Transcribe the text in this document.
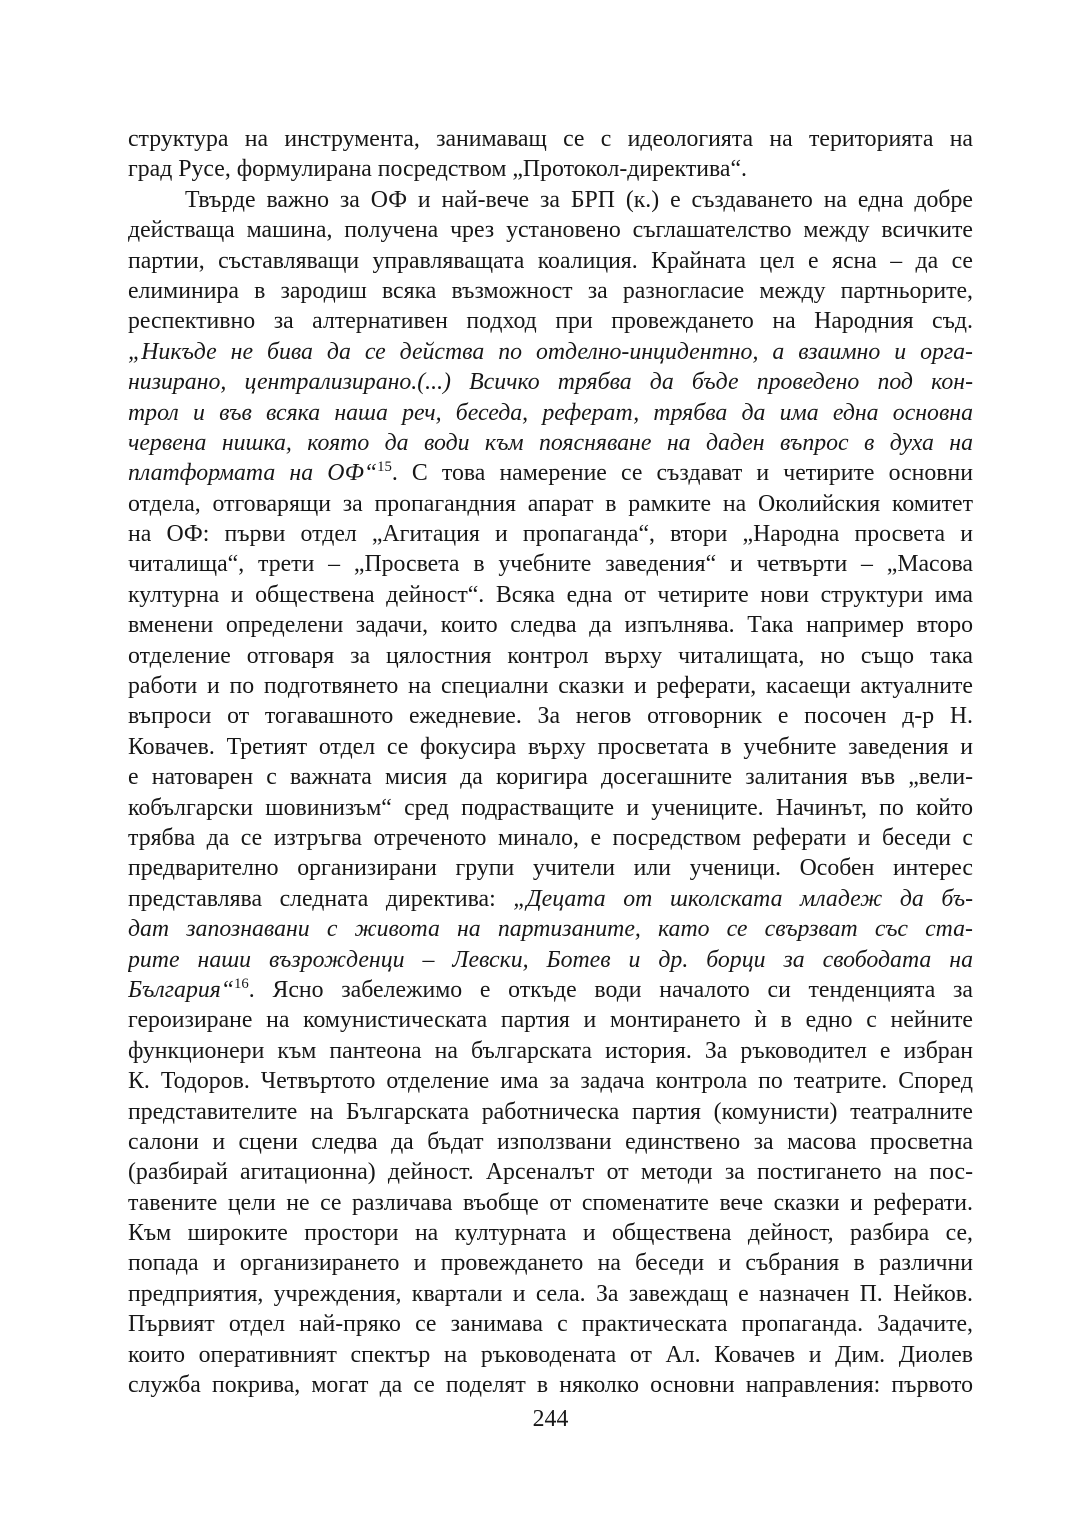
структура на инструмента, занимаващ се с идеологията на територията на
град Русе, формулирана посредством „Протокол-директива“.
Твърде важно за ОФ и най-вече за БРП (к.) е създаването на една добре
действаща машина, получена чрез установено съглашателство между всичките
партии, съставляващи управляващата коалиция. Крайната цел е ясна – да се
елиминира в зародиш всяка възможност за разногласие между партньорите,
респективно за алтернативен подход при провеждането на Народния съд.
„Никъде не бива да се действа по отделно-инцидентно, а взаимно и орга-
низирано, централизирано.(...) Всичко трябва да бъде проведено под кон-
трол и във всяка наша реч, беседа, реферат, трябва да има една основна
червена нишка, която да води към поясняване на даден въпрос в духа на
платформата на ОФ“$^{15}$. С това намерение се създават и четирите основни
отдела, отговарящи за пропагандния апарат в рамките на Околийския комитет
на ОФ: първи отдел „Агитация и пропаганда“, втори „Народна просвета и
читалища“, трети – „Просвета в учебните заведения“ и четвърти – „Масова
културна и обществена дейност“. Всяка една от четирите нови структури има
вменени определени задачи, които следва да изпълнява. Така например второ
отделение отговаря за цялостния контрол върху читалищата, но също така
работи и по подготвянето на специални сказки и реферати, касаещи актуалните
въпроси от тогавашното ежедневие. За негов отговорник е посочен д-р Н.
Ковачев. Третият отдел се фокусира върху просветата в учебните заведения и
е натоварен с важната мисия да коригира досегашните залитания във „вели-
кобългарски шовинизъм“ сред подрастващите и учениците. Начинът, по който
трябва да се изтръгва отреченото минало, е посредством реферати и беседи с
предварително организирани групи учители или ученици. Особен интерес
представлява следната директива: „Децата от школската младеж да бъ-
дат запознавани с живота на партизаните, като се свързват със ста-
рите наши възрожденци – Левски, Ботев и др. борци за свободата на
България“$^{16}$. Ясно забележимо е откъде води началото си тенденцията за
героизиране на комунистическата партия и монтирането ѝ в едно с нейните
функционери към пантеона на българската история. За ръководител е избран
К. Тодоров. Четвъртото отделение има за задача контрола по театрите. Според
представителите на Българската работническа партия (комунисти) театралните
салони и сцени следва да бъдат използвани единствено за масова просветна
(разбирай агитационна) дейност. Арсеналът от методи за постигането на пос-
тавените цели не се различава въобще от споменатите вече сказки и реферати.
Към широките простори на културната и обществена дейност, разбира се,
попада и организирането и провеждането на беседи и събрания в различни
предприятия, учреждения, квартали и села. За завеждащ е назначен П. Нейков.
Първият отдел най-пряко се занимава с практическата пропаганда. Задачите,
които оперативният спектър на ръководената от Ал. Ковачев и Дим. Диолев
служба покрива, могат да се поделят в няколко основни направления: първото
244
